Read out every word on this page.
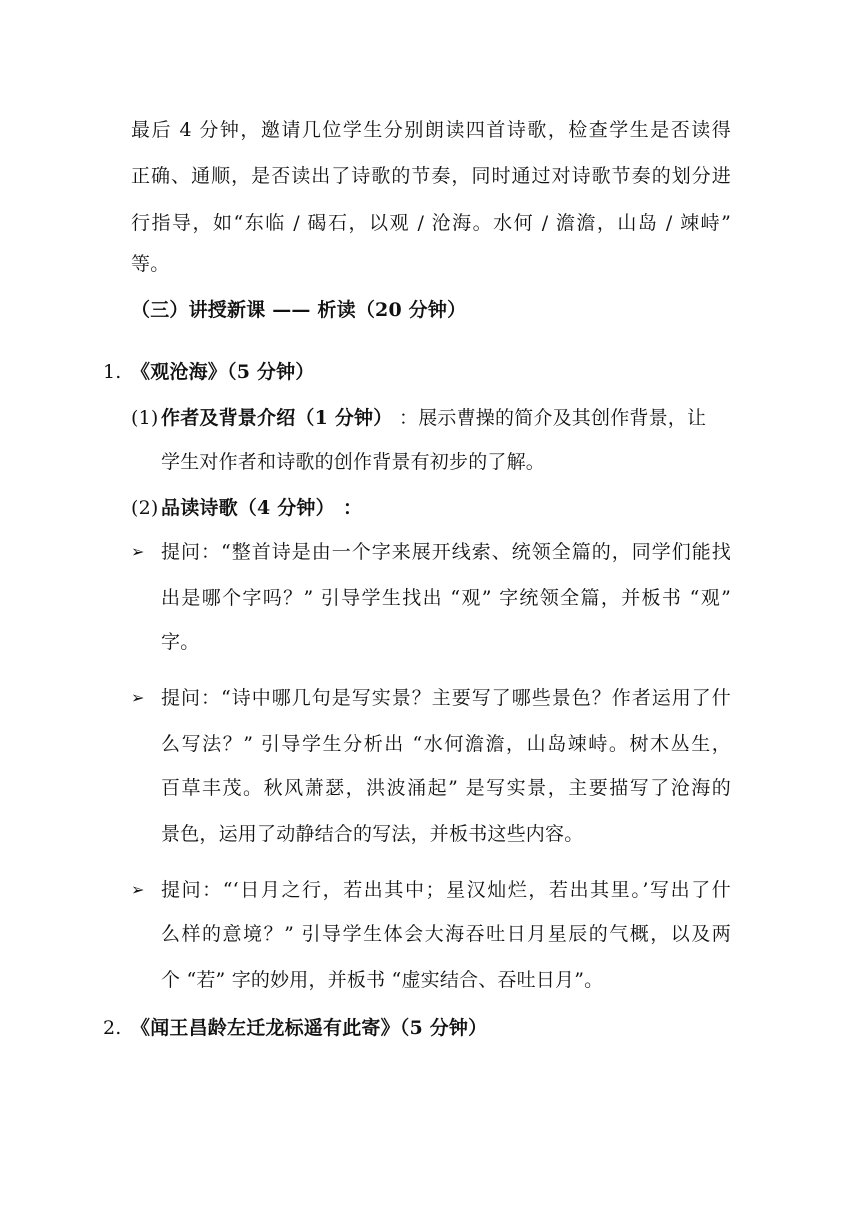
最后 4 分钟，邀请几位学生分别朗读四首诗歌，检查学生是否读得
正确、通顺，是否读出了诗歌的节奏，同时通过对诗歌节奏的划分进
行指导，如“东临 / 碣石，以观 / 沧海。水何 / 澹澹，山岛 / 竦峙”
等。
（三）讲授新课 —— 析读（20 分钟）
1. 《观沧海》（5 分钟）
(1) 作者及背景介绍（1 分钟） ：展示曹操的简介及其创作背景，让
学生对作者和诗歌的创作背景有初步的了解。
(2) 品读诗歌（4 分钟） ：
➢ 提问：“整首诗是由一个字来展开线索、统领全篇的，同学们能找
出是哪个字吗？” 引导学生找出 “观” 字统领全篇，并板书 “观”
字。
➢ 提问：“诗中哪几句是写实景？主要写了哪些景色？作者运用了什
么写法？” 引导学生分析出 “水何澹澹，山岛竦峙。树木丛生，
百草丰茂。秋风萧瑟，洪波涌起” 是写实景，主要描写了沧海的
景色，运用了动静结合的写法，并板书这些内容。
➢ 提问：“‘日月之行，若出其中；星汉灿烂，若出其里。’写出了什
么样的意境？” 引导学生体会大海吞吐日月星辰的气概，以及两
个 “若” 字的妙用，并板书 “虚实结合、吞吐日月”。
2. 《闻王昌龄左迁龙标遥有此寄》（5 分钟）
